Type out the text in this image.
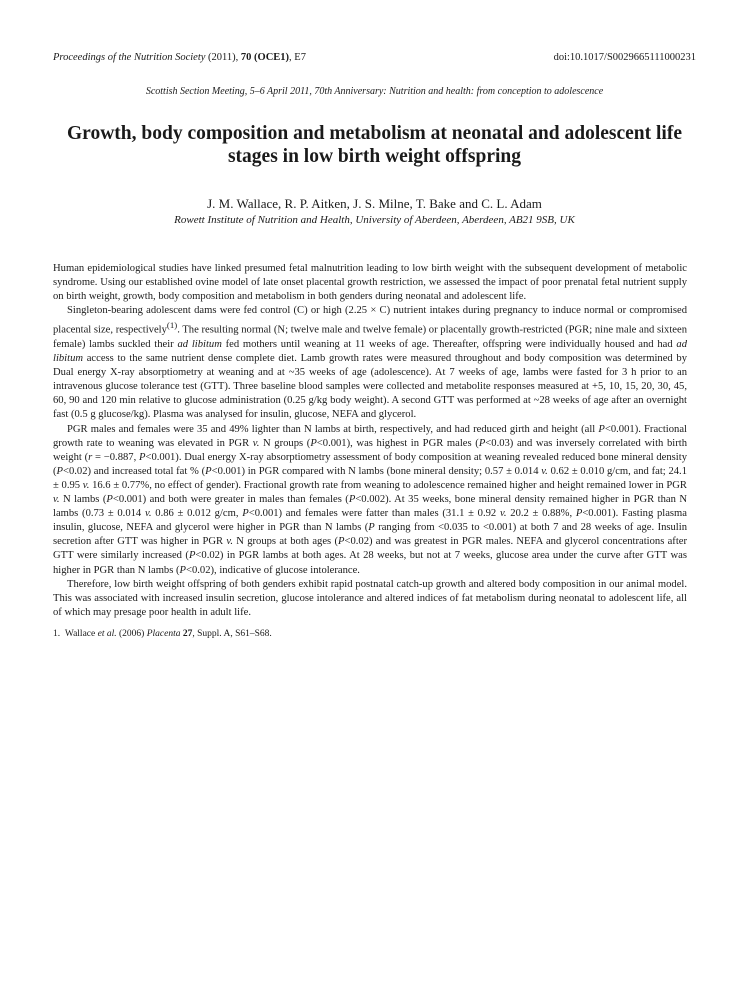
Proceedings of the Nutrition Society (2011), 70 (OCE1), E7	doi:10.1017/S0029665111000231
Scottish Section Meeting, 5–6 April 2011, 70th Anniversary: Nutrition and health: from conception to adolescence
Growth, body composition and metabolism at neonatal and adolescent life stages in low birth weight offspring
J. M. Wallace, R. P. Aitken, J. S. Milne, T. Bake and C. L. Adam
Rowett Institute of Nutrition and Health, University of Aberdeen, Aberdeen, AB21 9SB, UK

Human epidemiological studies have linked presumed fetal malnutrition leading to low birth weight with the subsequent development of metabolic syndrome. Using our established ovine model of late onset placental growth restriction, we assessed the impact of poor prenatal fetal nutrient supply on birth weight, growth, body composition and metabolism in both genders during neonatal and adolescent life.

Singleton-bearing adolescent dams were fed control (C) or high (2.25 × C) nutrient intakes during pregnancy to induce normal or compromised placental size, respectively$^{(1)}$. The resulting normal (N; twelve male and twelve female) or placentally growth-restricted (PGR; nine male and sixteen female) lambs suckled their ad libitum fed mothers until weaning at 11 weeks of age. Thereafter, offspring were individually housed and had ad libitum access to the same nutrient dense complete diet. Lamb growth rates were measured throughout and body composition was determined by Dual energy X-ray absorptiometry at weaning and at ~35 weeks of age (adolescence). At 7 weeks of age, lambs were fasted for 3 h prior to an intravenous glucose tolerance test (GTT). Three baseline blood samples were collected and metabolite responses measured at +5, 10, 15, 20, 30, 45, 60, 90 and 120 min relative to glucose administration (0.25 g/kg body weight). A second GTT was performed at ~28 weeks of age after an overnight fast (0.5 g glucose/kg). Plasma was analysed for insulin, glucose, NEFA and glycerol.

PGR males and females were 35 and 49% lighter than N lambs at birth, respectively, and had reduced girth and height (all P<0.001). Fractional growth rate to weaning was elevated in PGR v. N groups (P<0.001), was highest in PGR males (P<0.03) and was inversely correlated with birth weight (r = −0.887, P<0.001). Dual energy X-ray absorptiometry assessment of body composition at weaning revealed reduced bone mineral density (P<0.02) and increased total fat % (P<0.001) in PGR compared with N lambs (bone mineral density; 0.57 ± 0.014 v. 0.62 ± 0.010 g/cm, and fat; 24.1 ± 0.95 v. 16.6 ± 0.77%, no effect of gender). Fractional growth rate from weaning to adolescence remained higher and height remained lower in PGR v. N lambs (P<0.001) and both were greater in males than females (P<0.002). At 35 weeks, bone mineral density remained higher in PGR than N lambs (0.73 ± 0.014 v. 0.86 ± 0.012 g/cm, P<0.001) and females were fatter than males (31.1 ± 0.92 v. 20.2 ± 0.88%, P<0.001). Fasting plasma insulin, glucose, NEFA and glycerol were higher in PGR than N lambs (P ranging from <0.035 to <0.001) at both 7 and 28 weeks of age. Insulin secretion after GTT was higher in PGR v. N groups at both ages (P<0.02) and was greatest in PGR males. NEFA and glycerol concentrations after GTT were similarly increased (P<0.02) in PGR lambs at both ages. At 28 weeks, but not at 7 weeks, glucose area under the curve after GTT was higher in PGR than N lambs (P<0.02), indicative of glucose intolerance.

Therefore, low birth weight offspring of both genders exhibit rapid postnatal catch-up growth and altered body composition in our animal model. This was associated with increased insulin secretion, glucose intolerance and altered indices of fat metabolism during neonatal to adolescent life, all of which may presage poor health in adult life.

1. Wallace et al. (2006) Placenta 27, Suppl. A, S61–S68.
